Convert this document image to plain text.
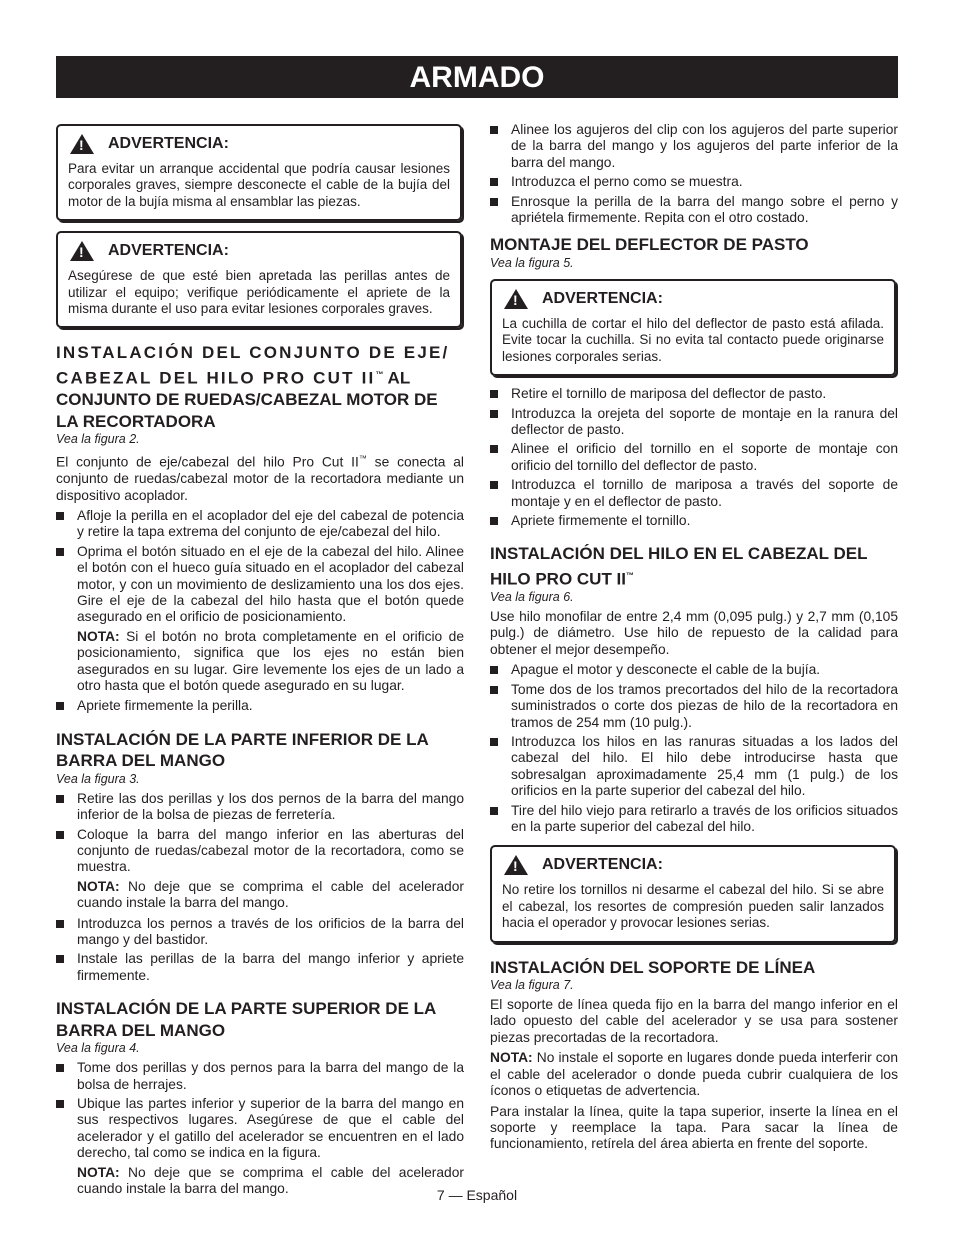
ARMADO
! ADVERTENCIA:
Para evitar un arranque accidental que podría causar lesiones corporales graves, siempre desconecte el cable de la bujía del motor de la bujía misma al ensamblar las piezas.
! ADVERTENCIA:
Asegúrese de que esté bien apretada las perillas antes de utilizar el equipo; verifique periódicamente el apriete de la misma durante el uso para evitar lesiones corporales graves.
INSTALACIÓN DEL CONJUNTO DE EJE/ CABEZAL DEL HILO PRO CUT II™ AL CONJUNTO DE RUEDAS/CABEZAL MOTOR DE LA RECORTADORA
Vea la figura 2.

El conjunto de eje/cabezal del hilo Pro Cut II™ se conecta al conjunto de ruedas/cabezal motor de la recortadora mediante un dispositivo acoplador.

Afloje la perilla en el acoplador del eje del cabezal de potencia y retire la tapa extrema del conjunto de eje/cabezal del hilo.
Oprima el botón situado en el eje de la cabezal del hilo. Alinee el botón con el hueco guía situado en el acoplador del cabezal motor, y con un movimiento de deslizamiento una los dos ejes. Gire el eje de la cabezal del hilo hasta que el botón quede asegurado en el orificio de posicionamiento.

NOTA: Si el botón no brota completamente en el orificio de posicionamiento, significa que los ejes no están bien asegurados en su lugar. Gire levemente los ejes de un lado a otro hasta que el botón quede asegurado en su lugar.

Apriete firmemente la perilla.
INSTALACIÓN DE LA PARTE INFERIOR DE LA BARRA DEL MANGO
Vea la figura 3.
Retire las dos perillas y los dos pernos de la barra del mango inferior de la bolsa de piezas de ferretería.
Coloque la barra del mango inferior en las aberturas del conjunto de ruedas/cabezal motor de la recortadora, como se muestra.

NOTA: No deje que se comprima el cable del acelerador cuando instale la barra del mango.

Introduzca los pernos a través de los orificios de la barra del mango y del bastidor.
Instale las perillas de la barra del mango inferior y apriete firmemente.
INSTALACIÓN DE LA PARTE SUPERIOR DE LA BARRA DEL MANGO
Vea la figura 4.
Tome dos perillas y dos pernos para la barra del mango de la bolsa de herrajes.
Ubique las partes inferior y superior de la barra del mango en sus respectivos lugares. Asegúrese de que el cable del acelerador y el gatillo del acelerador se encuentren en el lado derecho, tal como se indica en la figura.

NOTA: No deje que se comprima el cable del acelerador cuando instale la barra del mango.

Alinee los agujeros del clip con los agujeros del parte superior de la barra del mango y los agujeros del parte inferior de la barra del mango.
Introduzca el perno como se muestra.
Enrosque la perilla de la barra del mango sobre el perno y apriétela firmemente. Repita con el otro costado.
MONTAJE DEL DEFLECTOR DE PASTO
Vea la figura 5.
! ADVERTENCIA:
La cuchilla de cortar el hilo del deflector de pasto está afilada. Evite tocar la cuchilla. Si no evita tal contacto puede originarse lesiones corporales serias.
Retire el tornillo de mariposa del deflector de pasto.
Introduzca la orejeta del soporte de montaje en la ranura del deflector de pasto.
Alinee el orificio del tornillo en el soporte de montaje con orificio del tornillo del deflector de pasto.
Introduzca el tornillo de mariposa a través del soporte de montaje y en el deflector de pasto.
Apriete firmemente el tornillo.
INSTALACIÓN DEL HILO EN EL CABEZAL DEL HILO PRO CUT II™
Vea la figura 6.

Use hilo monofilar de entre 2,4 mm (0,095 pulg.) y 2,7 mm (0,105 pulg.) de diámetro. Use hilo de repuesto de la calidad para obtener el mejor desempeño.

Apague el motor y desconecte el cable de la bujía.
Tome dos de los tramos precortados del hilo de la recortadora suministrados o corte dos piezas de hilo de la recortadora en tramos de 254 mm (10 pulg.).
Introduzca los hilos en las ranuras situadas a los lados del cabezal del hilo. El hilo debe introducirse hasta que sobresalgan aproximadamente 25,4 mm (1 pulg.) de los orificios en la parte superior del cabezal del hilo.
Tire del hilo viejo para retirarlo a través de los orificios situados en la parte superior del cabezal del hilo.
! ADVERTENCIA:
No retire los tornillos ni desarme el cabezal del hilo. Si se abre el cabezal, los resortes de compresión pueden salir lanzados hacia el operador y provocar lesiones serias.
INSTALACIÓN DEL SOPORTE DE LÍNEA
Vea la figura 7.

El soporte de línea queda fijo en la barra del mango inferior en el lado opuesto del cable del acelerador y se usa para sostener piezas precortadas de la recortadora.

NOTA: No instale el soporte en lugares donde pueda interferir con el cable del acelerador o donde pueda cubrir cualquiera de los íconos o etiquetas de advertencia.

Para instalar la línea, quite la tapa superior, inserte la línea en el soporte y reemplace la tapa. Para sacar la línea de funcionamiento, retírela del área abierta en frente del soporte.

7 — Español
